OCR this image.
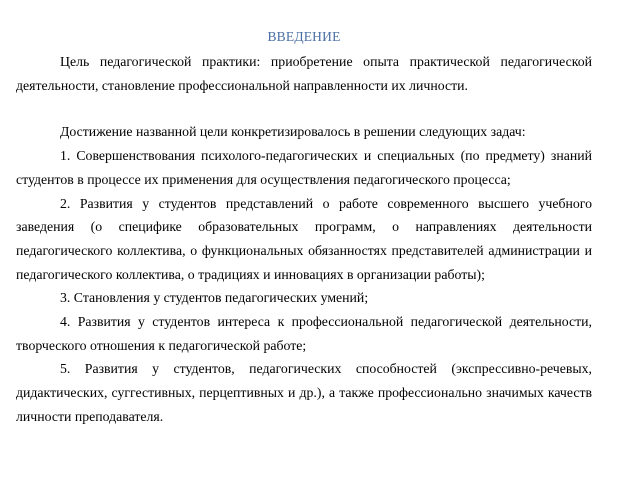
ВВЕДЕНИЕ

Цель педагогической практики: приобретение опыта практической педагогической деятельности, становление профессиональной направленности их личности.

Достижение названной цели конкретизировалось в решении следующих задач:

1. Совершенствования психолого-педагогических и специальных (по предмету) знаний студентов в процессе их применения для осуществления педагогического процесса;

2. Развития у студентов представлений о работе современного высшего учебного заведения (о специфике образовательных программ, о направлениях деятельности педагогического коллектива, о функциональных обязанностях представителей администрации и педагогического коллектива, о традициях и инновациях в организации работы);

3. Становления у студентов педагогических умений;

4. Развития у студентов интереса к профессиональной педагогической деятельности, творческого отношения к педагогической работе;

5. Развития у студентов, педагогических способностей (экспрессивно-речевых, дидактических, суггестивных, перцептивных и др.), а также профессионально значимых качеств личности преподавателя.
